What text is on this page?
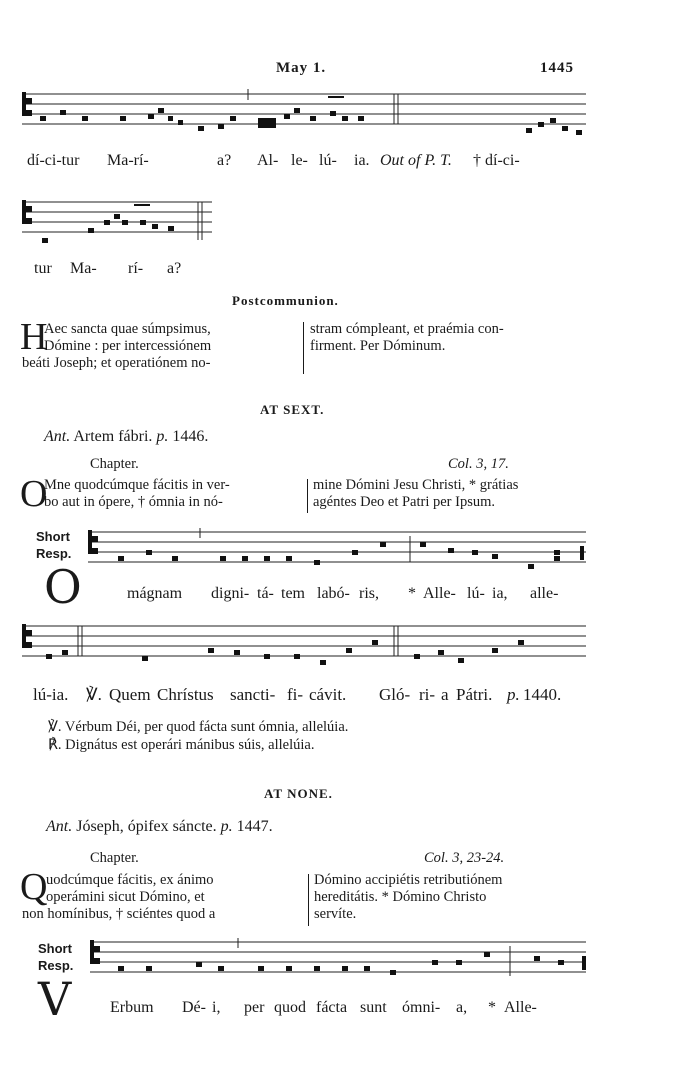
May 1.	1445
dí-ci-tur Ma-rí-	a? Al- le- lú- ia. Out of P. T. † dí-ci-
tur Ma- rí- a?
Postcommunion.
H
Aec sancta quae súmpsimus,
Dómine : per intercessiónem
beáti Joseph; et operatiónem no-
stram cómpleant, et praémia con-
firment. Per Dóminum.
AT SEXT.
Ant. Artem fábri. p. 1446.
Chapter.	Col. 3, 17.
O
Mne quodcúmque fácitis in ver-
bo aut in ópere, † ómnia in nó-
mine Dómini Jesu Christi, * grátias
agéntes Deo et Patri per Ipsum.
Short
Resp.
O	mágnam digni- tá- tem labó- ris, * Alle- lú- ia, alle-
lú-ia. ℣. Quem Chrístus sancti- fi- cávit. Gló- ri- a Pátri. p. 1440.
℣. Vérbum Déi, per quod fácta sunt ómnia, allelúia.
℟. Dignátus est operári mánibus súis, allelúia.
AT NONE.
Ant. Jóseph, ópifex sáncte. p. 1447.
Chapter.	Col. 3, 23-24.
Q
uodcúmque fácitis, ex ánimo
operámini sicut Dómino, et
non homínibus, † sciéntes quod a
Dómino accipiétis retributiónem
hereditátis. * Dómino Christo
servíte.
Short
Resp.
V Erbum Dé- i, per quod fácta sunt ómni- a, * Alle-
